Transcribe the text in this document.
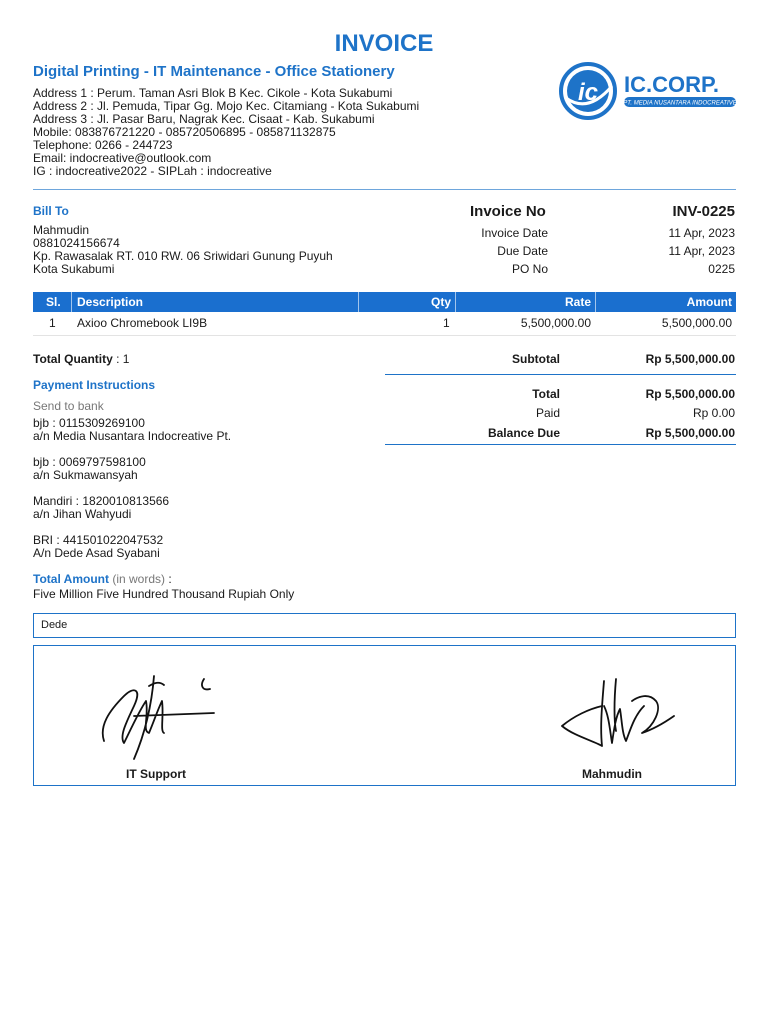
INVOICE
Digital Printing - IT Maintenance - Office Stationery
Address 1 : Perum. Taman Asri Blok B Kec. Cikole - Kota Sukabumi
Address 2 : Jl. Pemuda, Tipar Gg. Mojo Kec. Citamiang - Kota Sukabumi
Address 3 : Jl. Pasar Baru, Nagrak Kec. Cisaat - Kab. Sukabumi
Mobile: 083876721220 - 085720506895 - 085871132875
Telephone: 0266 - 244723
Email: indocreative@outlook.com
IG : indocreative2022 - SIPLah : indocreative
ic IC.CORP.
PT. MEDIA NUSANTARA INDOCREATIVE
Bill To
Mahmudin
0881024156674
Kp. Rawasalak RT. 010 RW. 06 Sriwidari Gunung Puyuh
Kota Sukabumi
Invoice No	INV-0225
Invoice Date	11 Apr, 2023
Due Date	11 Apr, 2023
PO No	0225
Sl. Description	Qty	Rate	Amount
1 Axioo Chromebook LI9B	1	5,500,000.00	5,500,000.00
Total Quantity : 1	Subtotal	Rp 5,500,000.00
Total	Rp 5,500,000.00
Paid	Rp 0.00
Balance Due	Rp 5,500,000.00
Payment Instructions
Send to bank
bjb : 0115309269100
a/n Media Nusantara Indocreative Pt.
bjb : 0069797598100
a/n Sukmawansyah
Mandiri : 1820010813566
a/n Jihan Wahyudi
BRI : 441501022047532
A/n Dede Asad Syabani
Total Amount (in words) :
Five Million Five Hundred Thousand Rupiah Only
Dede
IT Support	Mahmudin
